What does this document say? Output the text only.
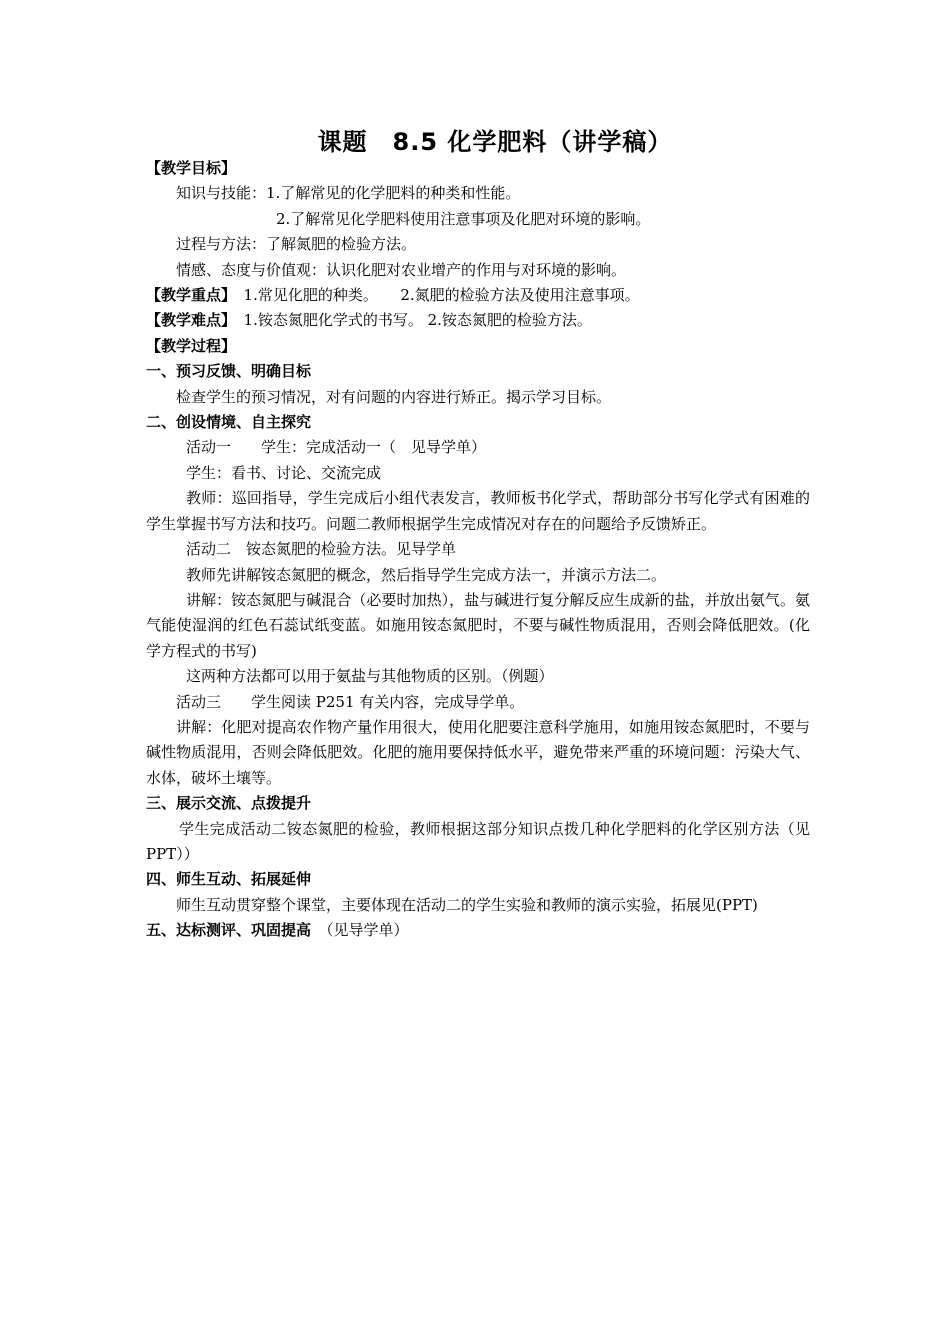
课题　8.5 化学肥料（讲学稿）
【教学目标】
知识与技能：1.了解常见的化学肥料的种类和性能。
2.了解常见化学肥料使用注意事项及化肥对环境的影响。
过程与方法：了解氮肥的检验方法。
情感、态度与价值观：认识化肥对农业增产的作用与对环境的影响。
【教学重点】　 1.常见化肥的种类。　　2.氮肥的检验方法及使用注意事项。
【教学难点】　 1.铵态氮肥化学式的书写。 2.铵态氮肥的检验方法。
【教学过程】
一、预习反馈、明确目标
检查学生的预习情况，对有问题的内容进行矫正。揭示学习目标。
二、创设情境、自主探究
活动一　　学生：完成活动一（　见导学单）
学生：看书、讨论、交流完成
教师：巡回指导，学生完成后小组代表发言，教师板书化学式，帮助部分书写化学式有困难的学生掌握书写方法和技巧。问题二教师根据学生完成情况对存在的问题给予反馈矫正。
活动二　铵态氮肥的检验方法。见导学单
教师先讲解铵态氮肥的概念，然后指导学生完成方法一，并演示方法二。
讲解：铵态氮肥与碱混合（必要时加热），盐与碱进行复分解反应生成新的盐，并放出氨气。氨气能使湿润的红色石蕊试纸变蓝。如施用铵态氮肥时，不要与碱性物质混用，否则会降低肥效。(化学方程式的书写)
这两种方法都可以用于氨盐与其他物质的区别。（例题）
活动三　　学生阅读 P251 有关内容，完成导学单。
讲解：化肥对提高农作物产量作用很大，使用化肥要注意科学施用，如施用铵态氮肥时，不要与碱性物质混用，否则会降低肥效。化肥的施用要保持低水平，避免带来严重的环境问题：污染大气、水体，破坏土壤等。
三、展示交流、点拨提升
学生完成活动二铵态氮肥的检验，教师根据这部分知识点拨几种化学肥料的化学区别方法（见 PPT））
四、师生互动、拓展延伸
师生互动贯穿整个课堂，主要体现在活动二的学生实验和教师的演示实验，拓展见(PPT)
五、达标测评、巩固提高　 （见导学单）
